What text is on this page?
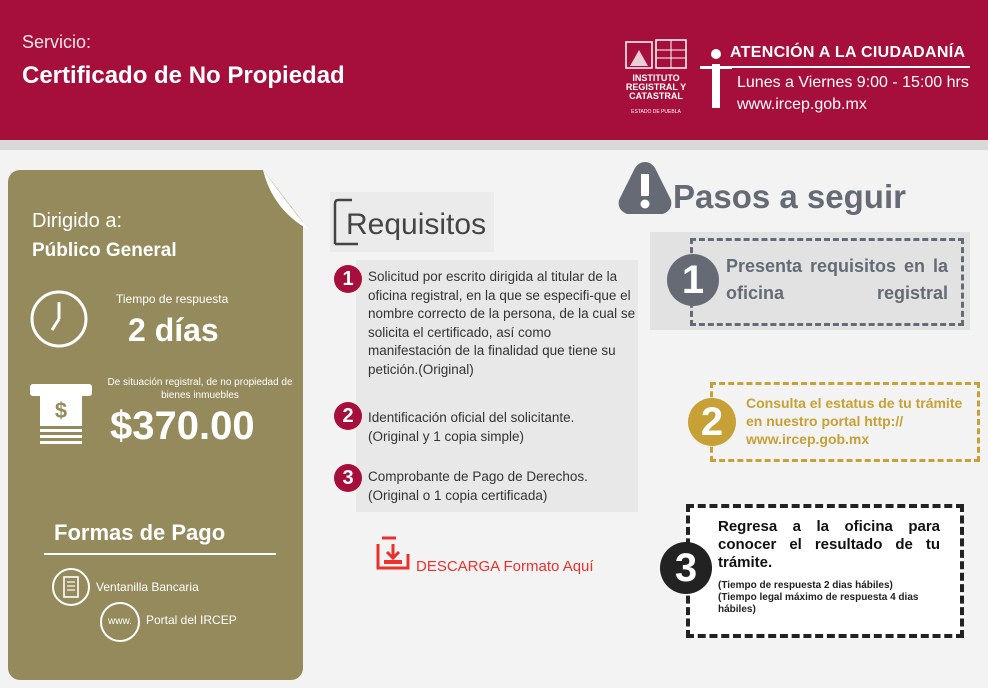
Servicio:
Certificado de No Propiedad	INSTITUTO
REGISTRAL Y
CATASTRAL
ESTADO DE PUEBLA
ATENCIÓN A LA CIUDADANÍA
Lunes a Viernes 9:00 - 15:00 hrs
www.ircep.gob.mx
Dirigido a:
Público General
Tiempo de respuesta
2 días
$
De situación registral, de no propiedad de bienes inmuebles
$370.00
Formas de Pago
Ventanilla Bancaria
www.	Portal del IRCEP
Requisitos
1	Solicitud por escrito dirigida al titular de la oficina registral, en la que se especifi-que el nombre correcto de la persona, de la cual se solicita el certificado, así como manifestación de la finalidad que tiene su petición.(Original)
2	Identificación oficial del solicitante. (Original y 1 copia simple)
3	Comprobante de Pago de Derechos. (Original o 1 copia certificada)
DESCARGA Formato Aquí
Pasos a seguir
1	Presenta requisitos en la oficina registral
2	Consulta el estatus de tu trámite en nuestro portal http:// www.ircep.gob.mx
3
Regresa a la oficina para conocer el resultado de tu trámite.
(Tiempo de respuesta 2 dias hábiles)
(Tiempo legal máximo de respuesta 4 dias hábiles)
